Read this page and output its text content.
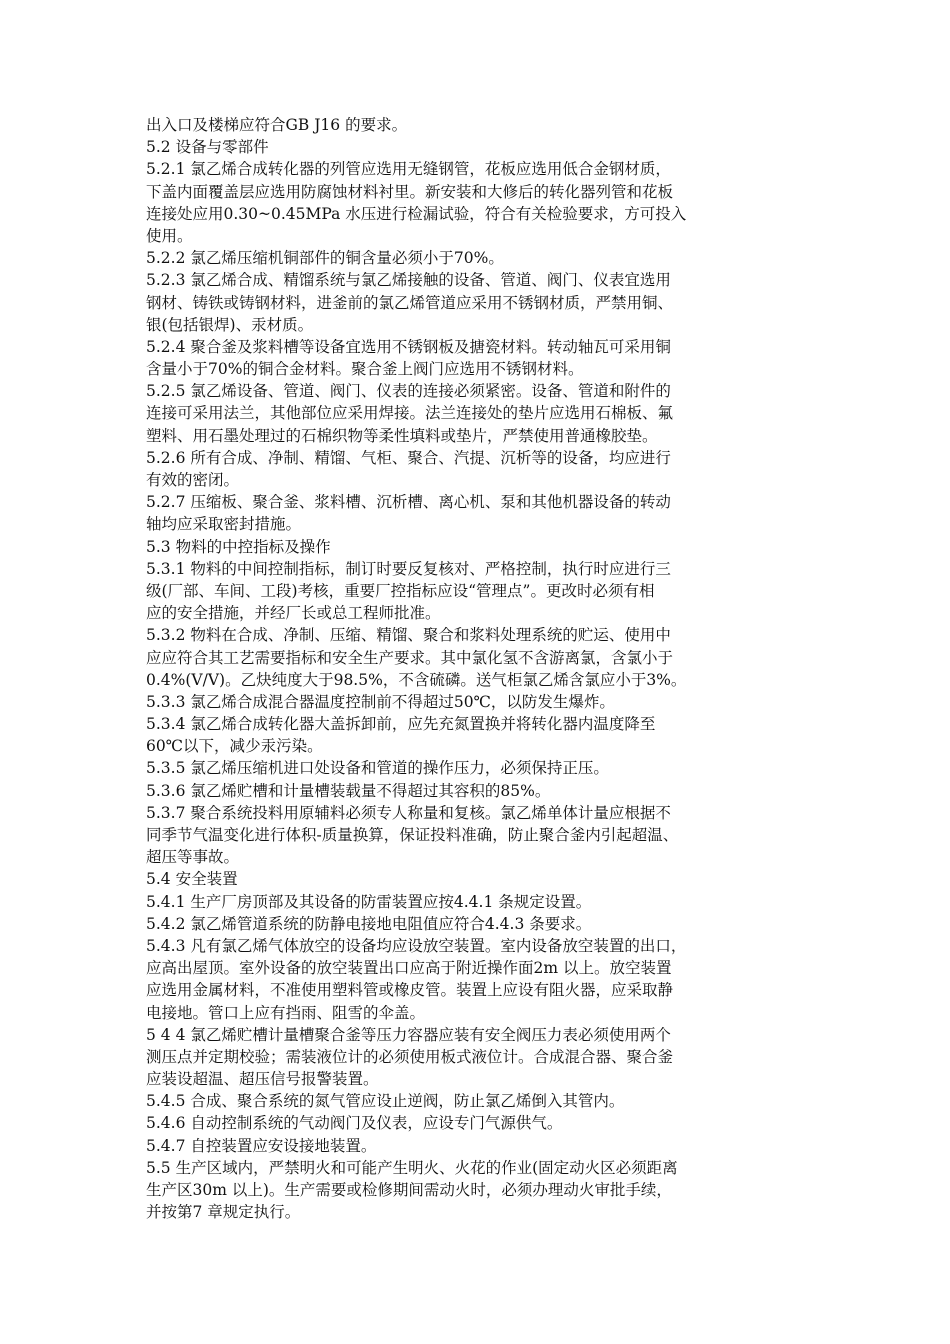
出入口及楼梯应符合GB J16 的要求。
5.2 设备与零部件
5.2.1 氯乙烯合成转化器的列管应选用无缝钢管，花板应选用低合金钢材质，
下盖内面覆盖层应选用防腐蚀材料衬里。新安装和大修后的转化器列管和花板
连接处应用0.30~0.45MPa 水压进行检漏试验，符合有关检验要求，方可投入
使用。
5.2.2 氯乙烯压缩机铜部件的铜含量必须小于70%。
5.2.3 氯乙烯合成、精馏系统与氯乙烯接触的设备、管道、阀门、仪表宜选用
钢材、铸铁或铸钢材料，进釜前的氯乙烯管道应采用不锈钢材质，严禁用铜、
银(包括银焊)、汞材质。
5.2.4 聚合釜及浆料槽等设备宜选用不锈钢板及搪瓷材料。转动轴瓦可采用铜
含量小于70%的铜合金材料。聚合釜上阀门应选用不锈钢材料。
5.2.5 氯乙烯设备、管道、阀门、仪表的连接必须紧密。设备、管道和附件的
连接可采用法兰，其他部位应采用焊接。法兰连接处的垫片应选用石棉板、氟
塑料、用石墨处理过的石棉织物等柔性填料或垫片，严禁使用普通橡胶垫。
5.2.6 所有合成、净制、精馏、气柜、聚合、汽提、沉析等的设备，均应进行
有效的密闭。
5.2.7 压缩板、聚合釜、浆料槽、沉析槽、离心机、泵和其他机器设备的转动
轴均应采取密封措施。
5.3 物料的中控指标及操作
5.3.1 物料的中间控制指标，制订时要反复核对、严格控制，执行时应进行三
级(厂部、车间、工段)考核，重要厂控指标应设“管理点”。更改时必须有相
应的安全措施，并经厂长或总工程师批准。
5.3.2 物料在合成、净制、压缩、精馏、聚合和浆料处理系统的贮运、使用中
应应符合其工艺需要指标和安全生产要求。其中氯化氢不含游离氯，含氯小于
0.4%(V/V)。乙炔纯度大于98.5%，不含硫磷。送气柜氯乙烯含氯应小于3%。
5.3.3 氯乙烯合成混合器温度控制前不得超过50℃，以防发生爆炸。
5.3.4 氯乙烯合成转化器大盖拆卸前，应先充氮置换并将转化器内温度降至
60℃以下，减少汞污染。
5.3.5 氯乙烯压缩机进口处设备和管道的操作压力，必须保持正压。
5.3.6 氯乙烯贮槽和计量槽装载量不得超过其容积的85%。
5.3.7 聚合系统投料用原辅料必须专人称量和复核。氯乙烯单体计量应根据不
同季节气温变化进行体积-质量换算，保证投料准确，防止聚合釜内引起超温、
超压等事故。
5.4 安全装置
5.4.1 生产厂房顶部及其设备的防雷装置应按4.4.1 条规定设置。
5.4.2 氯乙烯管道系统的防静电接地电阻值应符合4.4.3 条要求。
5.4.3 凡有氯乙烯气体放空的设备均应设放空装置。室内设备放空装置的出口，
应高出屋顶。室外设备的放空装置出口应高于附近操作面2m 以上。放空装置
应选用金属材料，不准使用塑料管或橡皮管。装置上应设有阻火器，应采取静
电接地。管口上应有挡雨、阻雪的伞盖。
5 4 4 氯乙烯贮槽计量槽聚合釜等压力容器应装有安全阀压力表必须使用两个
测压点并定期校验；需装液位计的必须使用板式液位计。合成混合器、聚合釜
应装设超温、超压信号报警装置。
5.4.5 合成、聚合系统的氮气管应设止逆阀，防止氯乙烯倒入其管内。
5.4.6 自动控制系统的气动阀门及仪表，应设专门气源供气。
5.4.7 自控装置应安设接地装置。
5.5 生产区域内，严禁明火和可能产生明火、火花的作业(固定动火区必须距离
生产区30m 以上)。生产需要或检修期间需动火时，必须办理动火审批手续，
并按第7 章规定执行。
